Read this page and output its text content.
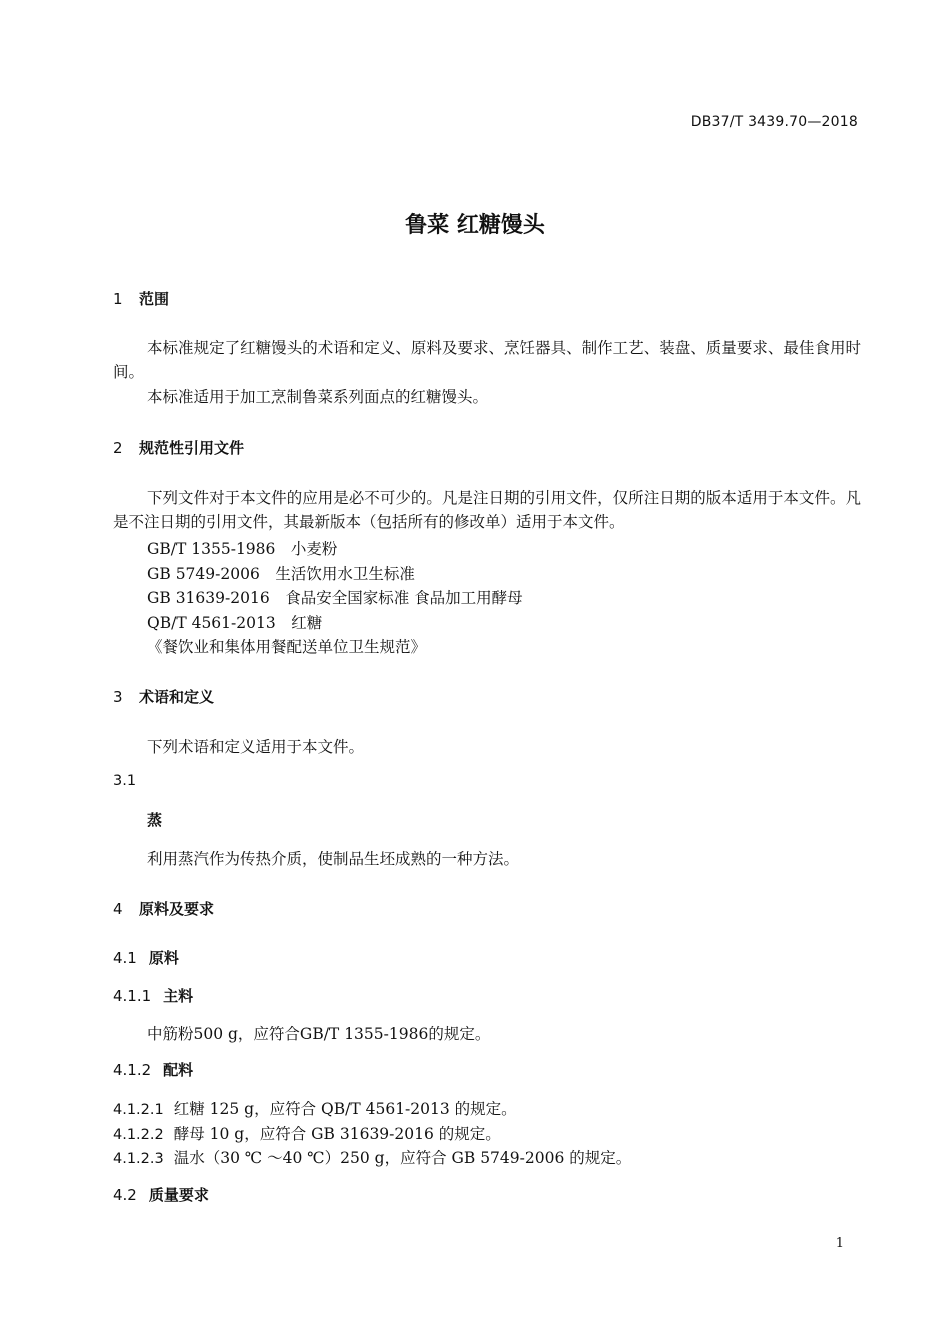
DB37/T 3439.70—2018
鲁菜 红糖馒头
1 范围
本标准规定了红糖馒头的术语和定义、原料及要求、烹饪器具、制作工艺、装盘、质量要求、最佳食用时间。
本标准适用于加工烹制鲁菜系列面点的红糖馒头。
2 规范性引用文件
下列文件对于本文件的应用是必不可少的。凡是注日期的引用文件，仅所注日期的版本适用于本文件。凡是不注日期的引用文件，其最新版本（包括所有的修改单）适用于本文件。
GB/T 1355-1986　小麦粉
GB 5749-2006　生活饮用水卫生标准
GB 31639-2016　食品安全国家标准 食品加工用酵母
QB/T 4561-2013　红糖
《餐饮业和集体用餐配送单位卫生规范》
3 术语和定义
下列术语和定义适用于本文件。
3.1
蒸
利用蒸汽作为传热介质，使制品生坯成熟的一种方法。
4 原料及要求
4.1 原料
4.1.1 主料
中筋粉500 g，应符合GB/T 1355-1986的规定。
4.1.2 配料
4.1.2.1 红糖 125 g，应符合 QB/T 4561-2013 的规定。
4.1.2.2 酵母 10 g，应符合 GB 31639-2016 的规定。
4.1.2.3 温水（30 ℃ ～40 ℃）250 g，应符合 GB 5749-2006 的规定。
4.2 质量要求
1
